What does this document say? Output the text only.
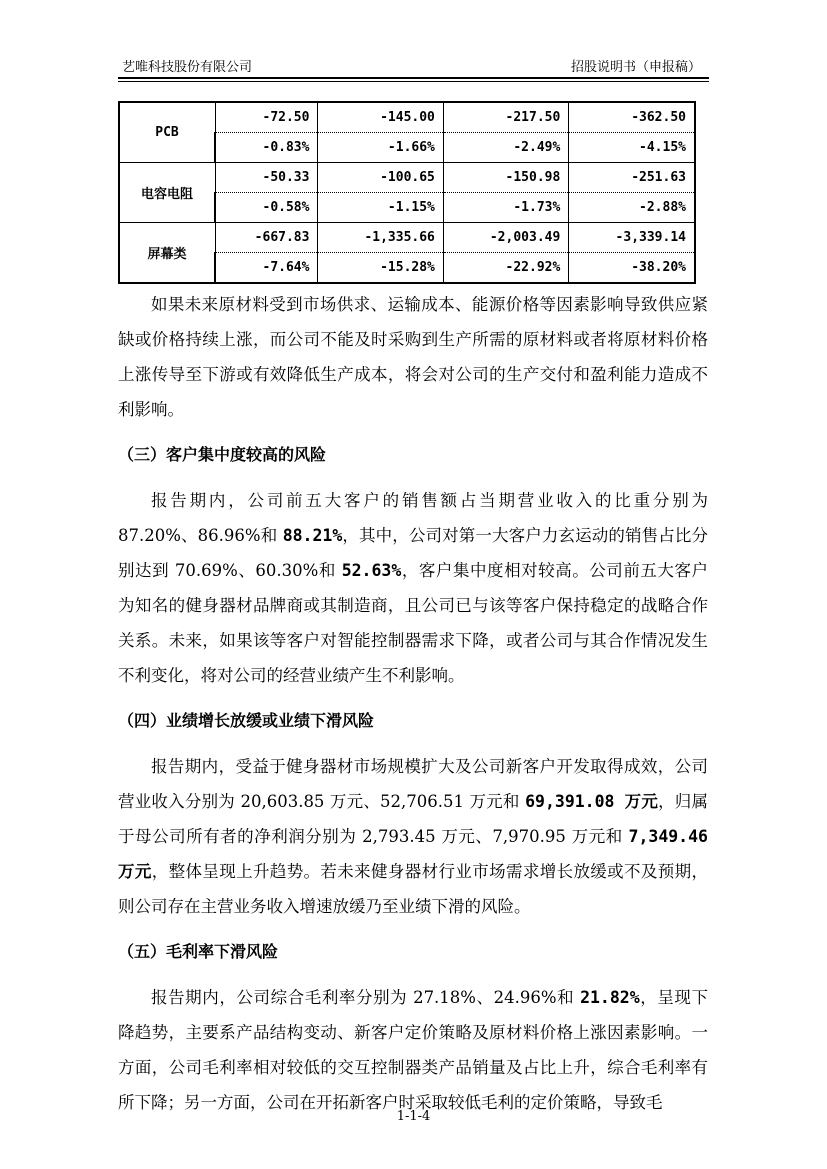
艺唯科技股份有限公司	招股说明书（申报稿）
PCB	-72.50	-145.00	-217.50	-362.50
	-0.83%	-1.66%	-2.49%	-4.15%
电容电阻	-50.33	-100.65	-150.98	-251.63
	-0.58%	-1.15%	-1.73%	-2.88%
屏幕类	-667.83	-1,335.66	-2,003.49	-3,339.14
	-7.64%	-15.28%	-22.92%	-38.20%

如果未来原材料受到市场供求、运输成本、能源价格等因素影响导致供应紧缺或价格持续上涨，而公司不能及时采购到生产所需的原材料或者将原材料价格上涨传导至下游或有效降低生产成本，将会对公司的生产交付和盈利能力造成不利影响。

（三）客户集中度较高的风险

报告期内，公司前五大客户的销售额占当期营业收入的比重分别为 87.20%、86.96%和 88.21%，其中，公司对第一大客户力玄运动的销售占比分别达到 70.69%、60.30%和 52.63%，客户集中度相对较高。公司前五大客户为知名的健身器材品牌商或其制造商，且公司已与该等客户保持稳定的战略合作关系。未来，如果该等客户对智能控制器需求下降，或者公司与其合作情况发生不利变化，将对公司的经营业绩产生不利影响。

（四）业绩增长放缓或业绩下滑风险

报告期内，受益于健身器材市场规模扩大及公司新客户开发取得成效，公司营业收入分别为 20,603.85 万元、52,706.51 万元和 69,391.08 万元，归属于母公司所有者的净利润分别为 2,793.45 万元、7,970.95 万元和 7,349.46 万元，整体呈现上升趋势。若未来健身器材行业市场需求增长放缓或不及预期，则公司存在主营业务收入增速放缓乃至业绩下滑的风险。

（五）毛利率下滑风险

报告期内，公司综合毛利率分别为 27.18%、24.96%和 21.82%，呈现下降趋势，主要系产品结构变动、新客户定价策略及原材料价格上涨因素影响。一方面，公司毛利率相对较低的交互控制器类产品销量及占比上升，综合毛利率有所下降；另一方面，公司在开拓新客户时采取较低毛利的定价策略，导致毛

1-1-4
